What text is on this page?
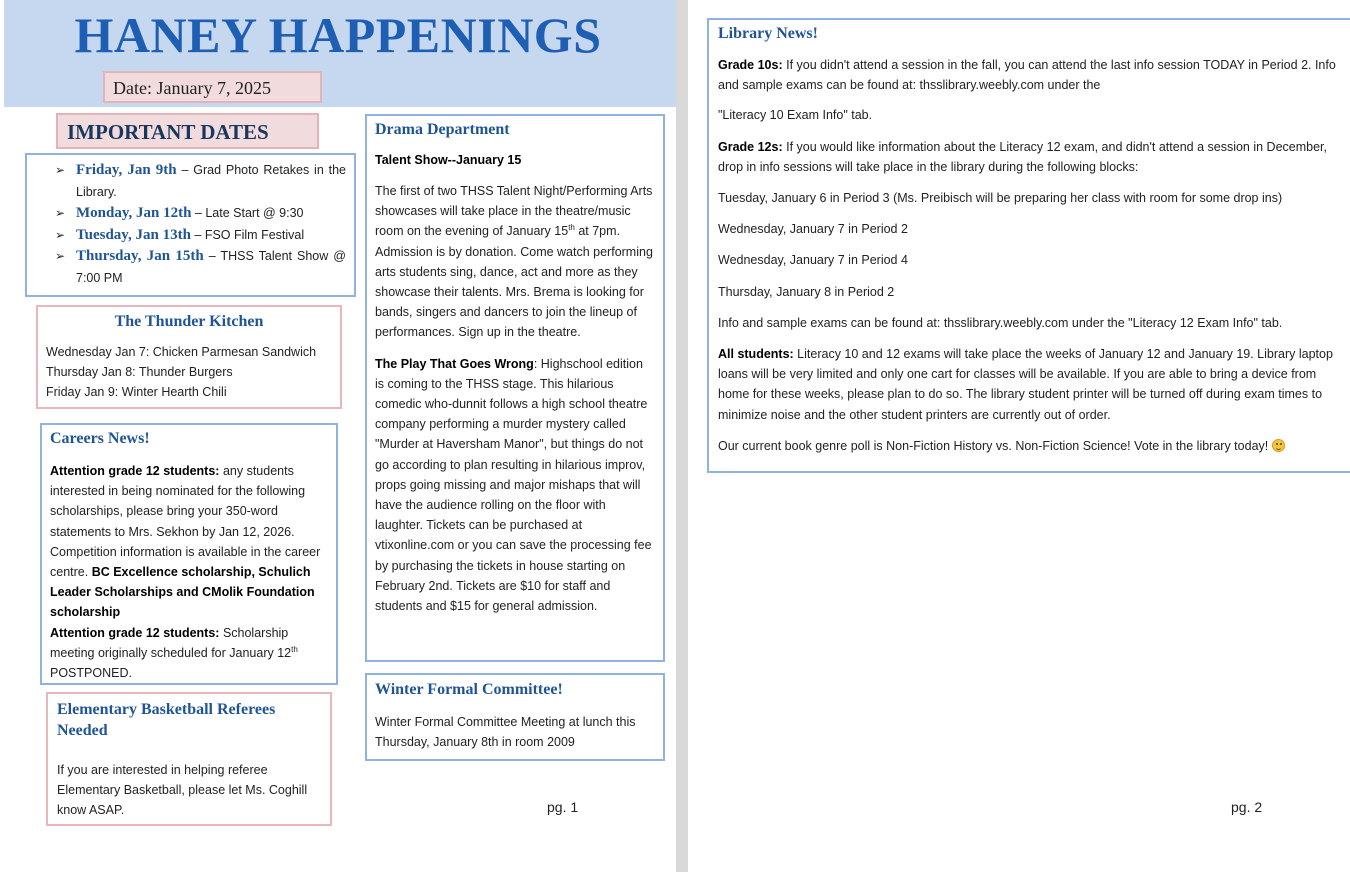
HANEY HAPPENINGS
Date: January 7, 2025
IMPORTANT DATES
➢ Friday, Jan 9th – Grad Photo Retakes in the Library.
➢ Monday, Jan 12th – Late Start @ 9:30
➢ Tuesday, Jan 13th – FSO Film Festival
➢ Thursday, Jan 15th – THSS Talent Show @ 7:00 PM
The Thunder Kitchen
Wednesday Jan 7: Chicken Parmesan Sandwich
Thursday Jan 8: Thunder Burgers
Friday Jan 9: Winter Hearth Chili
Careers News!

Attention grade 12 students: any students interested in being nominated for the following scholarships, please bring your 350-word statements to Mrs. Sekhon by Jan 12, 2026. Competition information is available in the career centre. BC Excellence scholarship, Schulich Leader Scholarships and CMolik Foundation scholarship

Attention grade 12 students: Scholarship meeting originally scheduled for January 12th POSTPONED.

Elementary Basketball Referees Needed

If you are interested in helping referee Elementary Basketball, please let Ms. Coghill know ASAP.

Drama Department
Talent Show--January 15

The first of two THSS Talent Night/Performing Arts showcases will take place in the theatre/music room on the evening of January 15th at 7pm. Admission is by donation. Come watch performing arts students sing, dance, act and more as they showcase their talents. Mrs. Brema is looking for bands, singers and dancers to join the lineup of performances. Sign up in the theatre.

The Play That Goes Wrong: Highschool edition is coming to the THSS stage. This hilarious comedic who-dunnit follows a high school theatre company performing a murder mystery called "Murder at Haversham Manor", but things do not go according to plan resulting in hilarious improv, props going missing and major mishaps that will have the audience rolling on the floor with laughter. Tickets can be purchased at vtixonline.com or you can save the processing fee by purchasing the tickets in house starting on February 2nd. Tickets are $10 for staff and students and $15 for general admission.

Winter Formal Committee!

Winter Formal Committee Meeting at lunch this Thursday, January 8th in room 2009

pg. 1
Library News!

Grade 10s: If you didn't attend a session in the fall, you can attend the last info session TODAY in Period 2. Info and sample exams can be found at: thsslibrary.weebly.com under the

"Literacy 10 Exam Info" tab.

Grade 12s: If you would like information about the Literacy 12 exam, and didn't attend a session in December, drop in info sessions will take place in the library during the following blocks:

Tuesday, January 6 in Period 3 (Ms. Preibisch will be preparing her class with room for some drop ins)

Wednesday, January 7 in Period 2

Wednesday, January 7 in Period 4

Thursday, January 8 in Period 2

Info and sample exams can be found at: thsslibrary.weebly.com under the "Literacy 12 Exam Info" tab.

All students: Literacy 10 and 12 exams will take place the weeks of January 12 and January 19. Library laptop loans will be very limited and only one cart for classes will be available. If you are able to bring a device from home for these weeks, please plan to do so. The library student printer will be turned off during exam times to minimize noise and the other student printers are currently out of order.

Our current book genre poll is Non-Fiction History vs. Non-Fiction Science! Vote in the library today!

pg. 2
